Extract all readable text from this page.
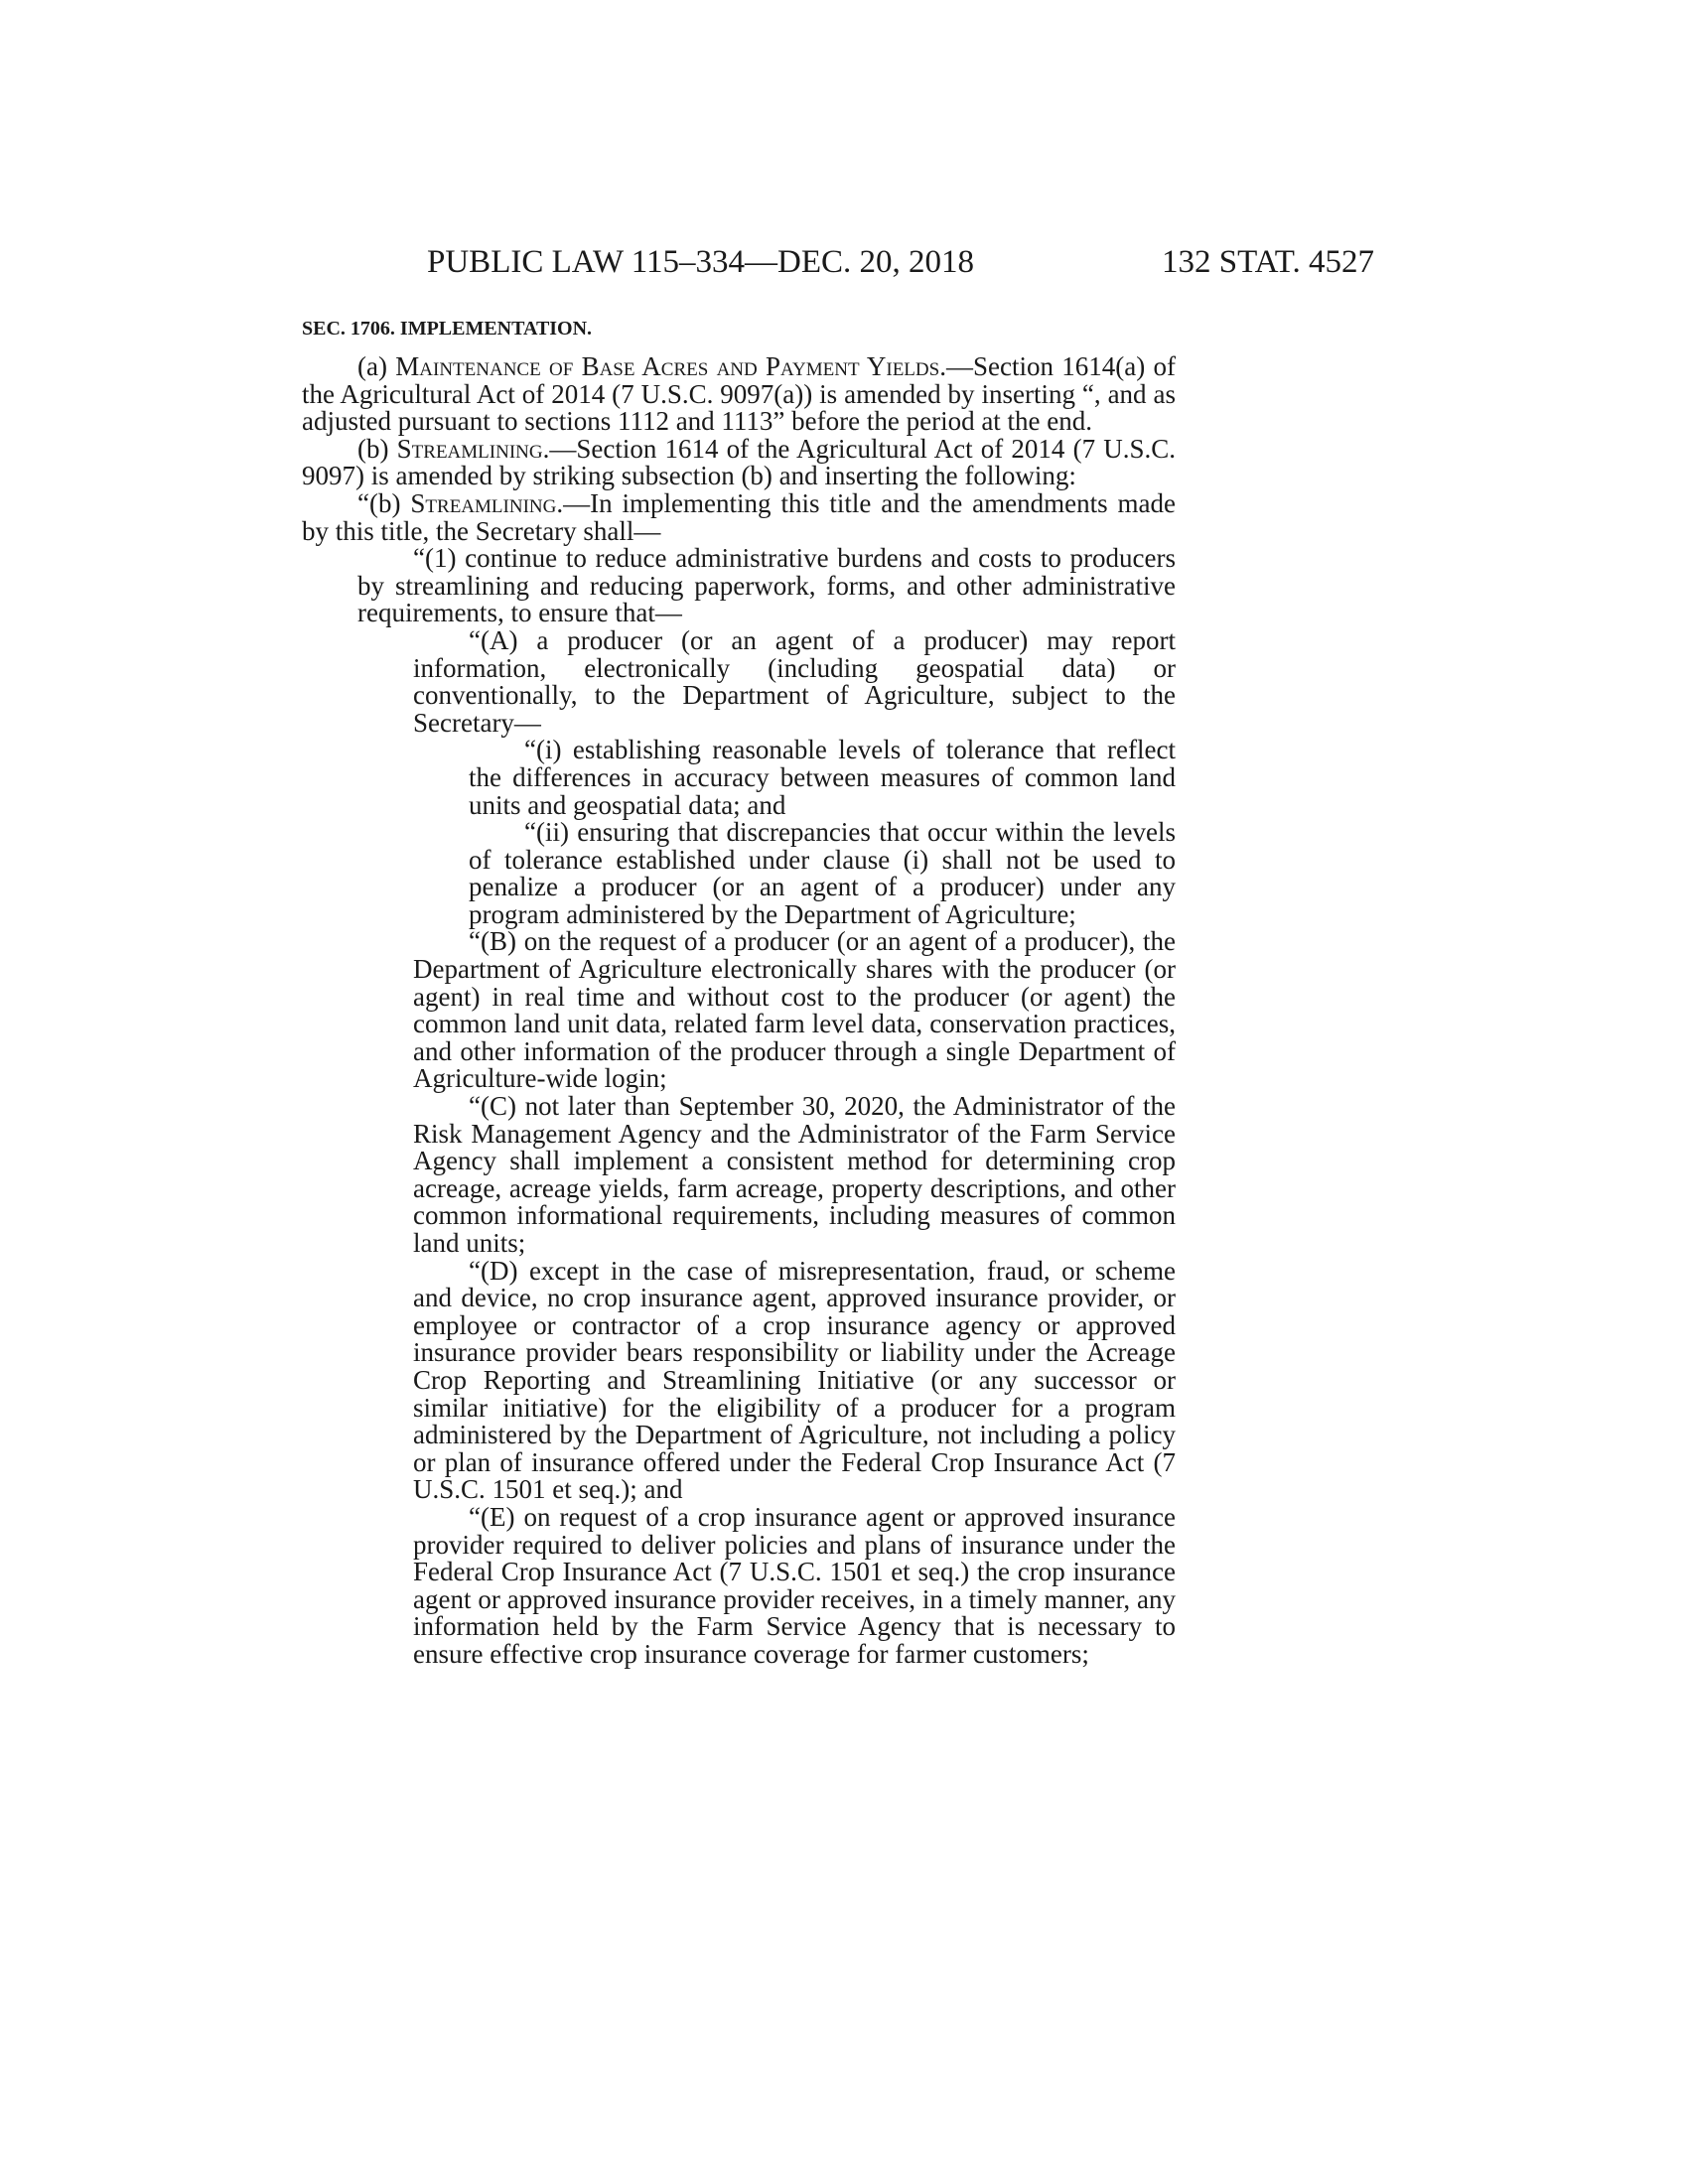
PUBLIC LAW 115–334—DEC. 20, 2018	132 STAT. 4527
SEC. 1706. IMPLEMENTATION.

(a) Maintenance of Base Acres and Payment Yields.—Section 1614(a) of the Agricultural Act of 2014 (7 U.S.C. 9097(a)) is amended by inserting “, and as adjusted pursuant to sections 1112 and 1113” before the period at the end.

(b) Streamlining.—Section 1614 of the Agricultural Act of 2014 (7 U.S.C. 9097) is amended by striking subsection (b) and inserting the following:

“(b) Streamlining.—In implementing this title and the amendments made by this title, the Secretary shall—

“(1) continue to reduce administrative burdens and costs to producers by streamlining and reducing paperwork, forms, and other administrative requirements, to ensure that—

“(A) a producer (or an agent of a producer) may report information, electronically (including geospatial data) or conventionally, to the Department of Agriculture, subject to the Secretary—

“(i) establishing reasonable levels of tolerance that reflect the differences in accuracy between measures of common land units and geospatial data; and

“(ii) ensuring that discrepancies that occur within the levels of tolerance established under clause (i) shall not be used to penalize a producer (or an agent of a producer) under any program administered by the Department of Agriculture;

“(B) on the request of a producer (or an agent of a producer), the Department of Agriculture electronically shares with the producer (or agent) in real time and without cost to the producer (or agent) the common land unit data, related farm level data, conservation practices, and other information of the producer through a single Department of Agriculture-wide login;

“(C) not later than September 30, 2020, the Administrator of the Risk Management Agency and the Administrator of the Farm Service Agency shall implement a consistent method for determining crop acreage, acreage yields, farm acreage, property descriptions, and other common informational requirements, including measures of common land units;

“(D) except in the case of misrepresentation, fraud, or scheme and device, no crop insurance agent, approved insurance provider, or employee or contractor of a crop insurance agency or approved insurance provider bears responsibility or liability under the Acreage Crop Reporting and Streamlining Initiative (or any successor or similar initiative) for the eligibility of a producer for a program administered by the Department of Agriculture, not including a policy or plan of insurance offered under the Federal Crop Insurance Act (7 U.S.C. 1501 et seq.); and

“(E) on request of a crop insurance agent or approved insurance provider required to deliver policies and plans of insurance under the Federal Crop Insurance Act (7 U.S.C. 1501 et seq.) the crop insurance agent or approved insurance provider receives, in a timely manner, any information held by the Farm Service Agency that is necessary to ensure effective crop insurance coverage for farmer customers;
